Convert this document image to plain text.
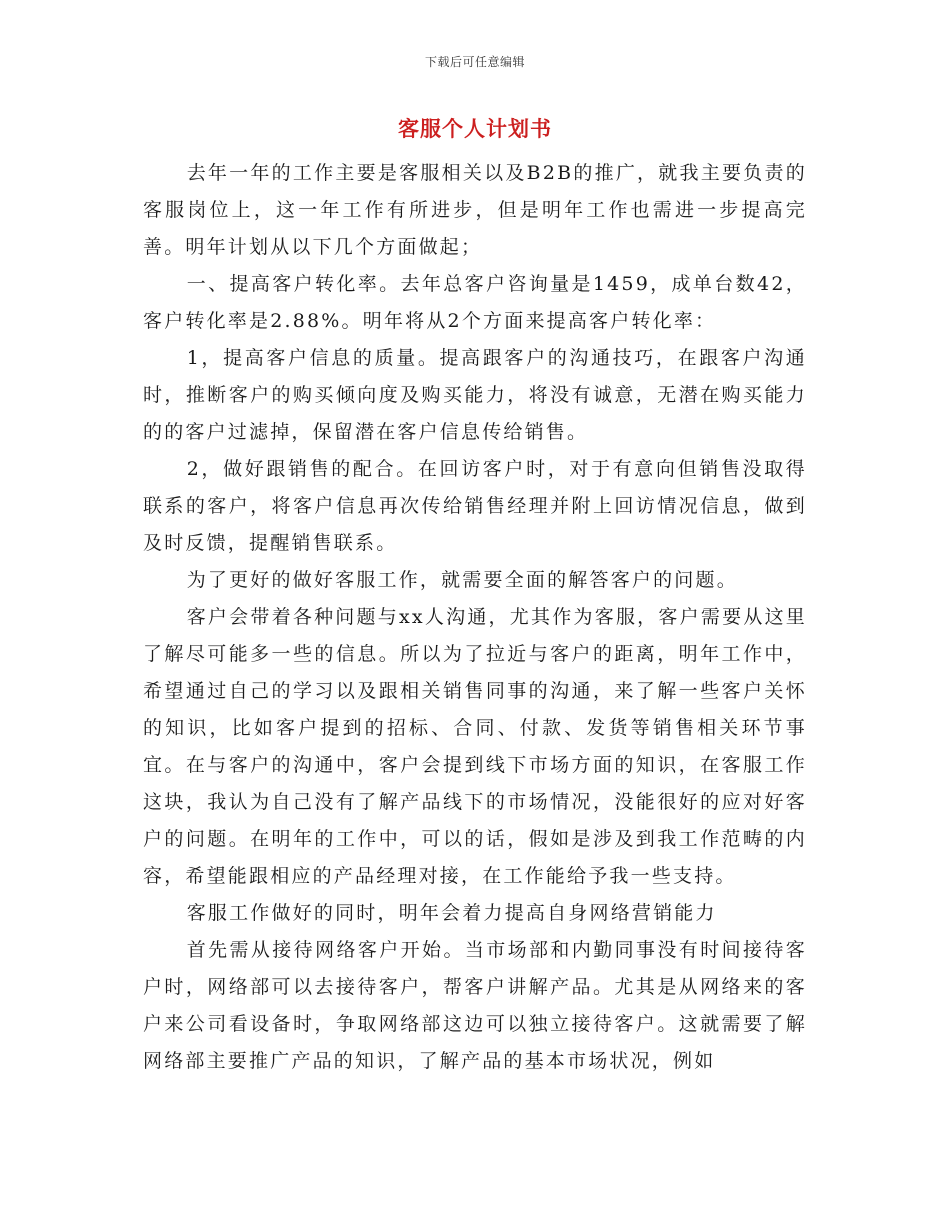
下载后可任意编辑
客服个人计划书

去年一年的工作主要是客服相关以及B2B的推广，就我主要负责的客服岗位上，这一年工作有所进步，但是明年工作也需进一步提高完善。明年计划从以下几个方面做起；

一、提高客户转化率。去年总客户咨询量是1459，成单台数42，客户转化率是2.88%。明年将从2个方面来提高客户转化率：

1，提高客户信息的质量。提高跟客户的沟通技巧，在跟客户沟通时，推断客户的购买倾向度及购买能力，将没有诚意，无潜在购买能力的的客户过滤掉，保留潜在客户信息传给销售。

2，做好跟销售的配合。在回访客户时，对于有意向但销售没取得联系的客户，将客户信息再次传给销售经理并附上回访情况信息，做到及时反馈，提醒销售联系。

为了更好的做好客服工作，就需要全面的解答客户的问题。

客户会带着各种问题与xx人沟通，尤其作为客服，客户需要从这里了解尽可能多一些的信息。所以为了拉近与客户的距离，明年工作中，希望通过自己的学习以及跟相关销售同事的沟通，来了解一些客户关怀的知识，比如客户提到的招标、合同、付款、发货等销售相关环节事宜。在与客户的沟通中，客户会提到线下市场方面的知识，在客服工作这块，我认为自己没有了解产品线下的市场情况，没能很好的应对好客户的问题。在明年的工作中，可以的话，假如是涉及到我工作范畴的内容，希望能跟相应的产品经理对接，在工作能给予我一些支持。

客服工作做好的同时，明年会着力提高自身网络营销能力

首先需从接待网络客户开始。当市场部和内勤同事没有时间接待客户时，网络部可以去接待客户，帮客户讲解产品。尤其是从网络来的客户来公司看设备时，争取网络部这边可以独立接待客户。这就需要了解网络部主要推广产品的知识，了解产品的基本市场状况，例如
